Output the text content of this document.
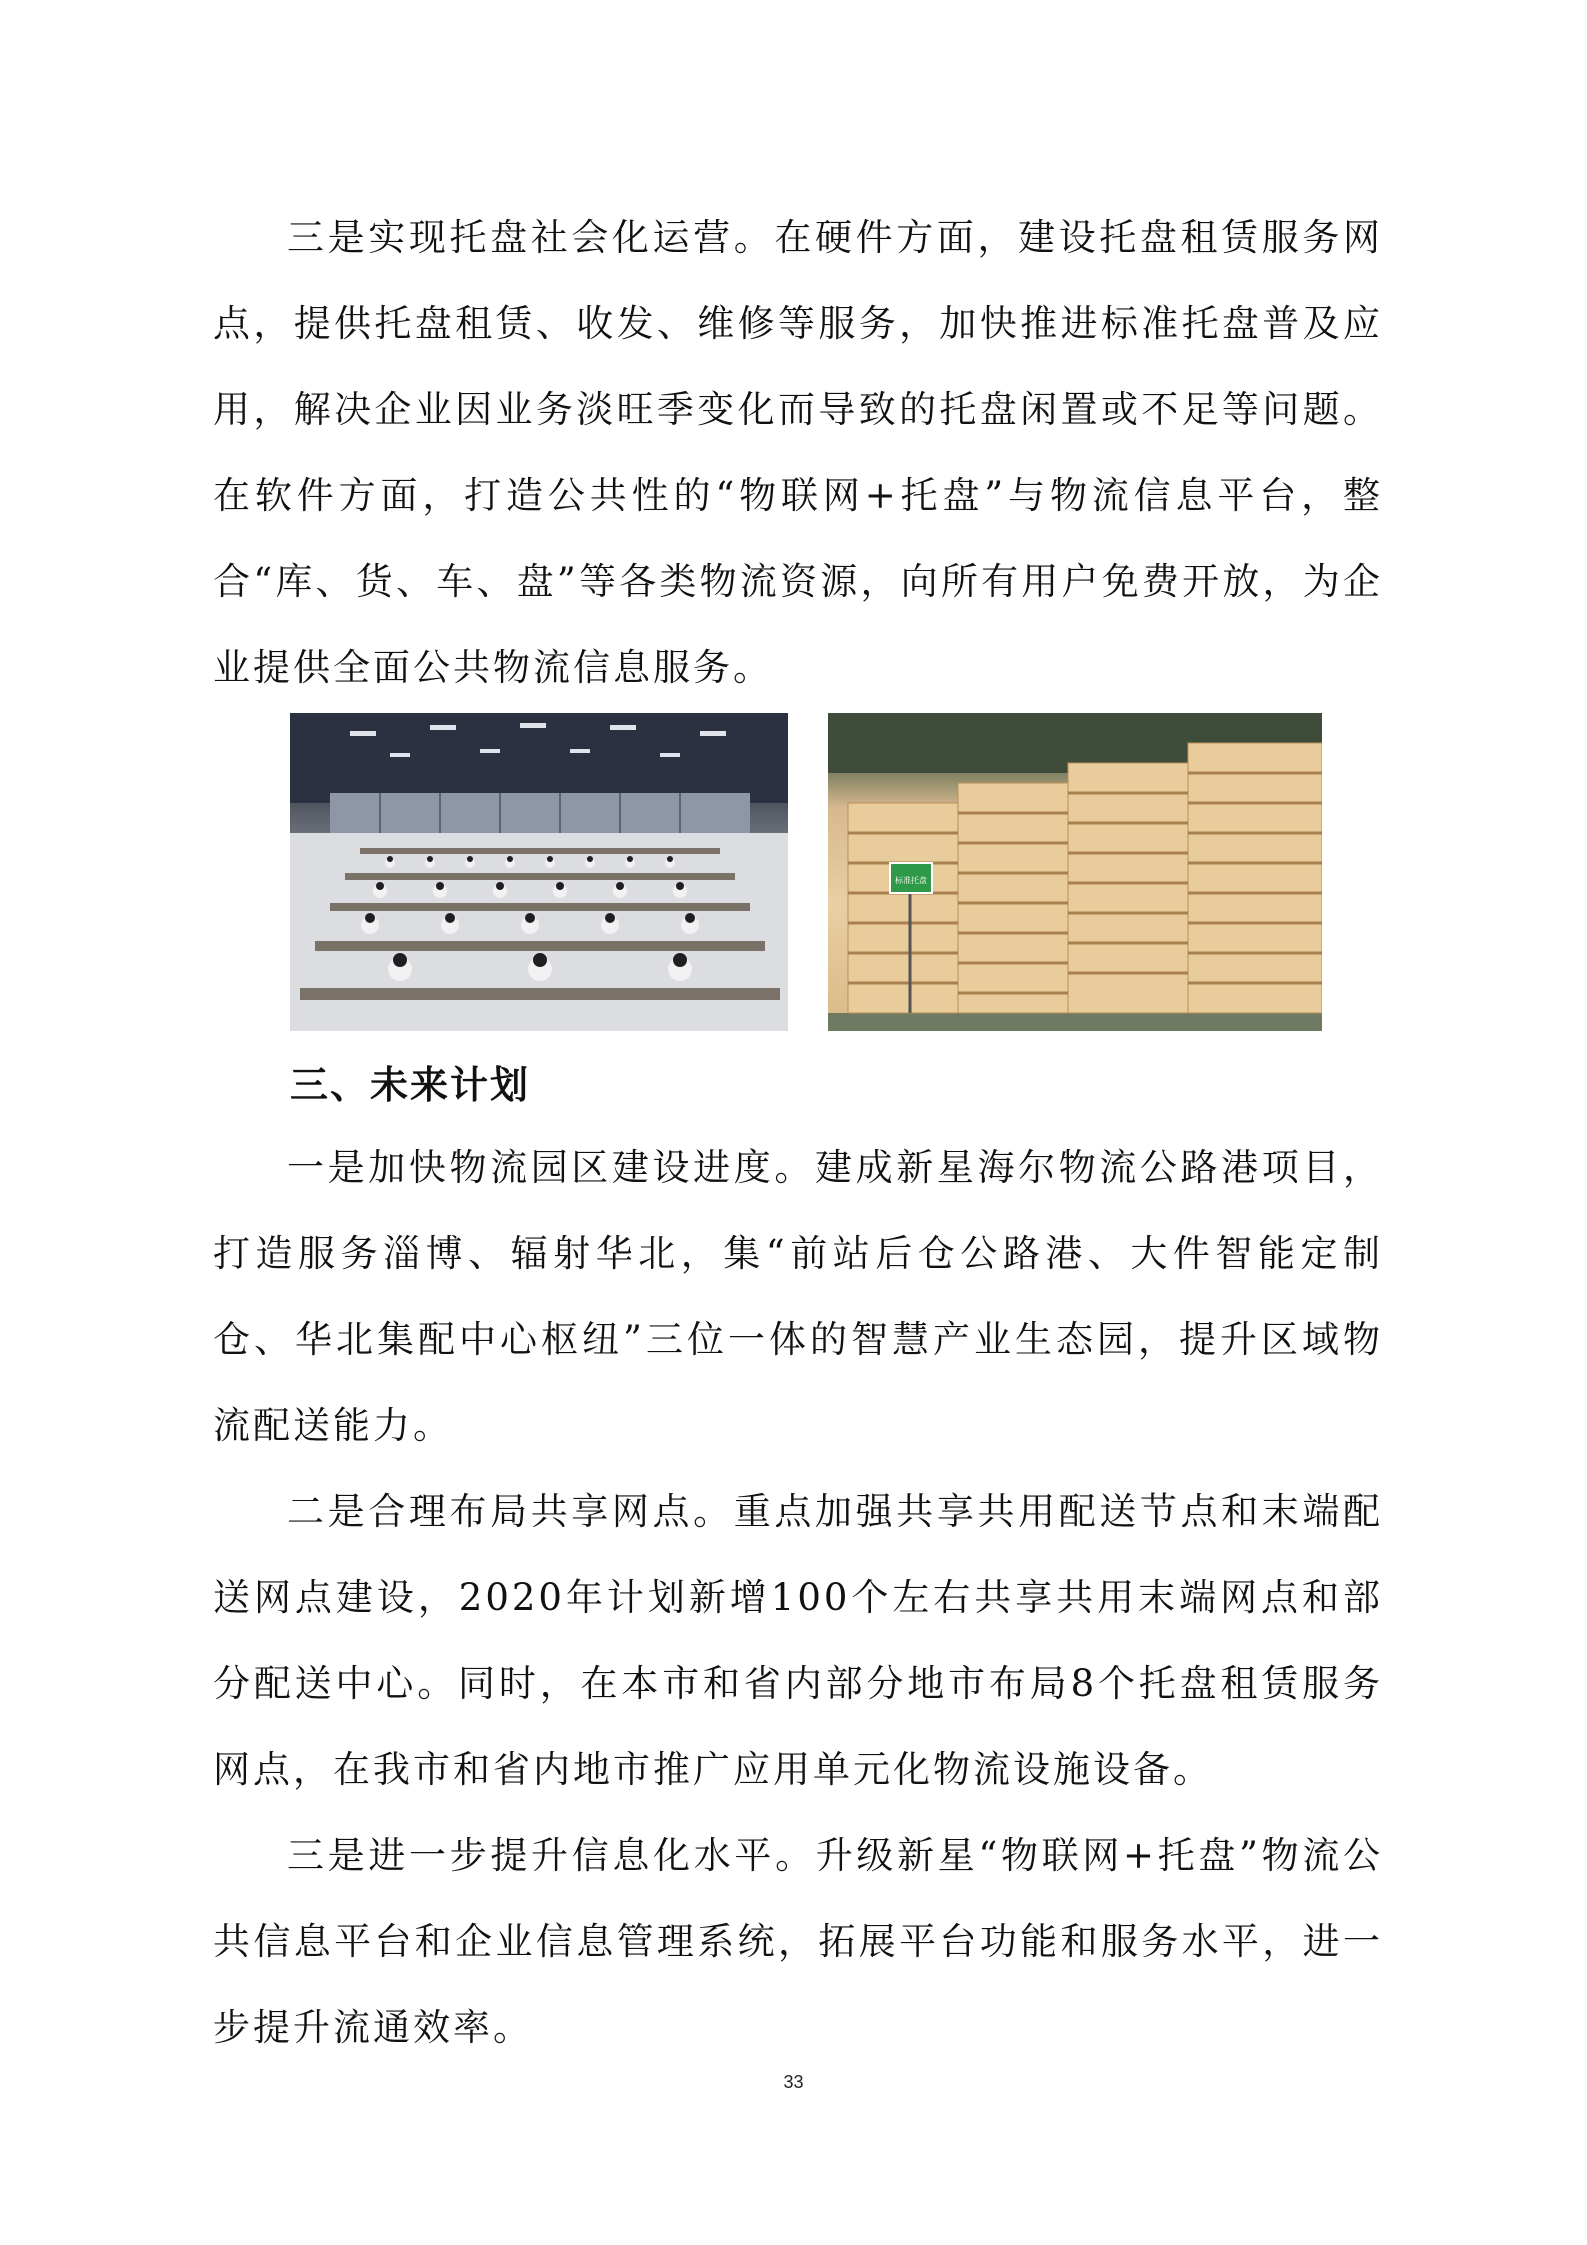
三是实现托盘社会化运营。在硬件方面，建设托盘租赁服务网点，提供托盘租赁、收发、维修等服务，加快推进标准托盘普及应用，解决企业因业务淡旺季变化而导致的托盘闲置或不足等问题。在软件方面，打造公共性的“物联网+托盘”与物流信息平台，整合“库、货、车、盘”等各类物流资源，向所有用户免费开放，为企业提供全面公共物流信息服务。

标准托盘
三、未来计划

一是加快物流园区建设进度。建成新星海尔物流公路港项目，打造服务淄博、辐射华北，集“前站后仓公路港、大件智能定制仓、华北集配中心枢纽”三位一体的智慧产业生态园，提升区域物流配送能力。

二是合理布局共享网点。重点加强共享共用配送节点和末端配送网点建设，2020年计划新增100个左右共享共用末端网点和部分配送中心。同时，在本市和省内部分地市布局8个托盘租赁服务网点，在我市和省内地市推广应用单元化物流设施设备。

三是进一步提升信息化水平。升级新星“物联网+托盘”物流公共信息平台和企业信息管理系统，拓展平台功能和服务水平，进一步提升流通效率。

33
